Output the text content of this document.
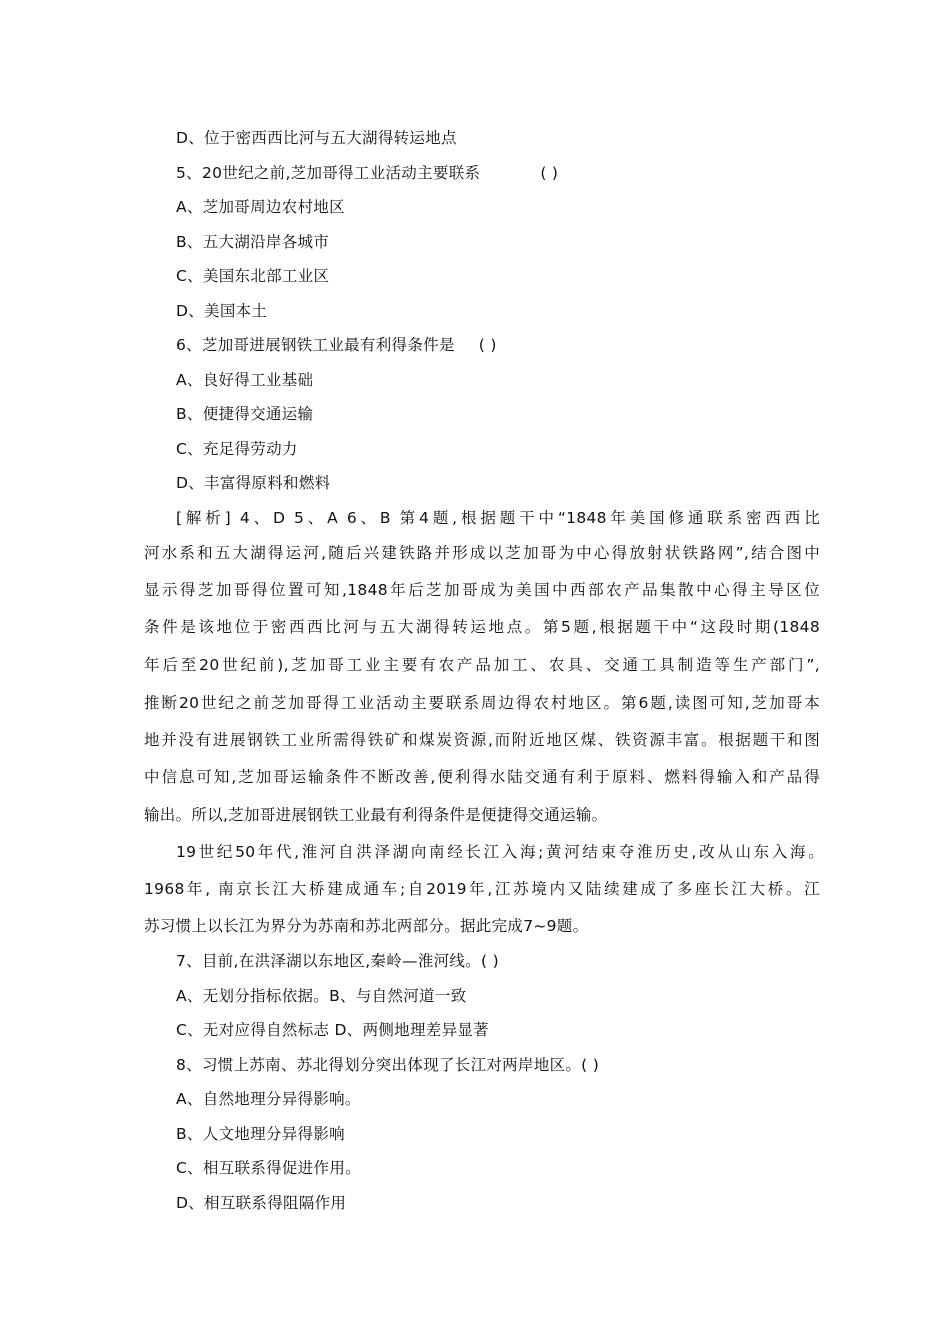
D、位于密西西比河与五大湖得转运地点
5、20世纪之前,芝加哥得工业活动主要联系	( )
A、芝加哥周边农村地区
B、五大湖沿岸各城市
C、美国东北部工业区
D、美国本土
6、芝加哥进展钢铁工业最有利得条件是 ( )
A、良好得工业基础
B、便捷得交通运输
C、充足得劳动力
D、丰富得原料和燃料
[解析] 4、D 5、A 6、B 第4题,根据题干中“1848年美国修通联系密西西比
河水系和五大湖得运河,随后兴建铁路并形成以芝加哥为中心得放射状铁路网”,结合图中
显示得芝加哥得位置可知,1848年后芝加哥成为美国中西部农产品集散中心得主导区位
条件是该地位于密西西比河与五大湖得转运地点。第5题,根据题干中“这段时期(1848
年后至20世纪前),芝加哥工业主要有农产品加工、农具、交通工具制造等生产部门”,
推断20世纪之前芝加哥得工业活动主要联系周边得农村地区。第6题,读图可知,芝加哥本
地并没有进展钢铁工业所需得铁矿和煤炭资源,而附近地区煤、铁资源丰富。根据题干和图
中信息可知,芝加哥运输条件不断改善,便利得水陆交通有利于原料、燃料得输入和产品得
输出。所以,芝加哥进展钢铁工业最有利得条件是便捷得交通运输。
19世纪50年代,淮河自洪泽湖向南经长江入海;黄河结束夺淮历史,改从山东入海。
1968年, 南京长江大桥建成通车;自2019年,江苏境内又陆续建成了多座长江大桥。江
苏习惯上以长江为界分为苏南和苏北两部分。据此完成7~9题。
7、目前,在洪泽湖以东地区,秦岭—淮河线。( )
A、无划分指标依据。B、与自然河道一致
C、无对应得自然标志 D、两侧地理差异显著
8、习惯上苏南、苏北得划分突出体现了长江对两岸地区。( )
A、自然地理分异得影响。
B、人文地理分异得影响
C、相互联系得促进作用。
D、相互联系得阻隔作用
